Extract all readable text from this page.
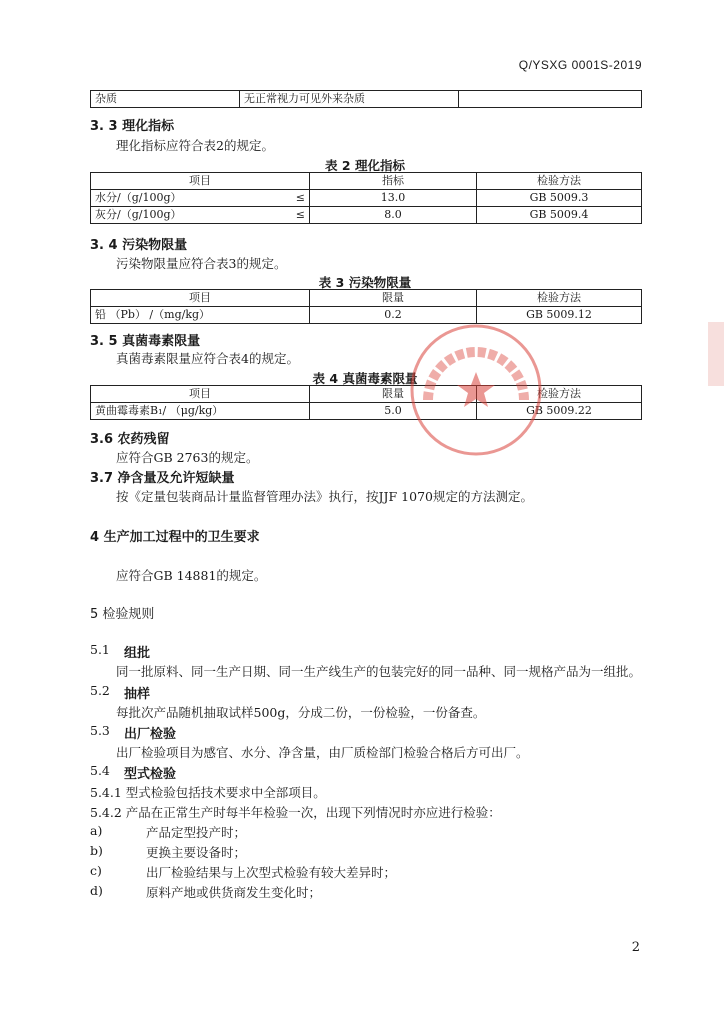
Q/YSXG 0001S-2019
杂质	无正常视力可见外来杂质	
3. 3 理化指标
理化指标应符合表2的规定。
表 2 理化指标
项目	指标	检验方法
水分/（g/100g） ≤	13.0	GB 5009.3
灰分/（g/100g） ≤	8.0	GB 5009.4
3. 4 污染物限量
污染物限量应符合表3的规定。
表 3 污染物限量
项目	限量	检验方法
铅 （Pb） /（mg/kg）	0.2	GB 5009.12
3. 5 真菌毒素限量
真菌毒素限量应符合表4的规定。
表 4 真菌毒素限量
项目	限量	检验方法
黄曲霉毒素B₁/ （μg/kg）	5.0	GB 5009.22
3.6 农药残留
应符合GB 2763的规定。
3.7 净含量及允许短缺量
按《定量包装商品计量监督管理办法》执行，按JJF 1070规定的方法测定。
4 生产加工过程中的卫生要求
应符合GB 14881的规定。
5 检验规则
5.1 组批
同一批原料、同一生产日期、同一生产线生产的包装完好的同一品种、同一规格产品为一组批。
5.2 抽样
每批次产品随机抽取试样500g，分成二份，一份检验，一份备查。
5.3 出厂检验
出厂检验项目为感官、水分、净含量，由厂质检部门检验合格后方可出厂。
5.4 型式检验
5.4.1 型式检验包括技术要求中全部项目。
5.4.2 产品在正常生产时每半年检验一次，出现下列情况时亦应进行检验：
a)	产品定型投产时；
b)	更换主要设备时；
c)	出厂检验结果与上次型式检验有较大差异时；
d)	原料产地或供货商发生变化时；
2
